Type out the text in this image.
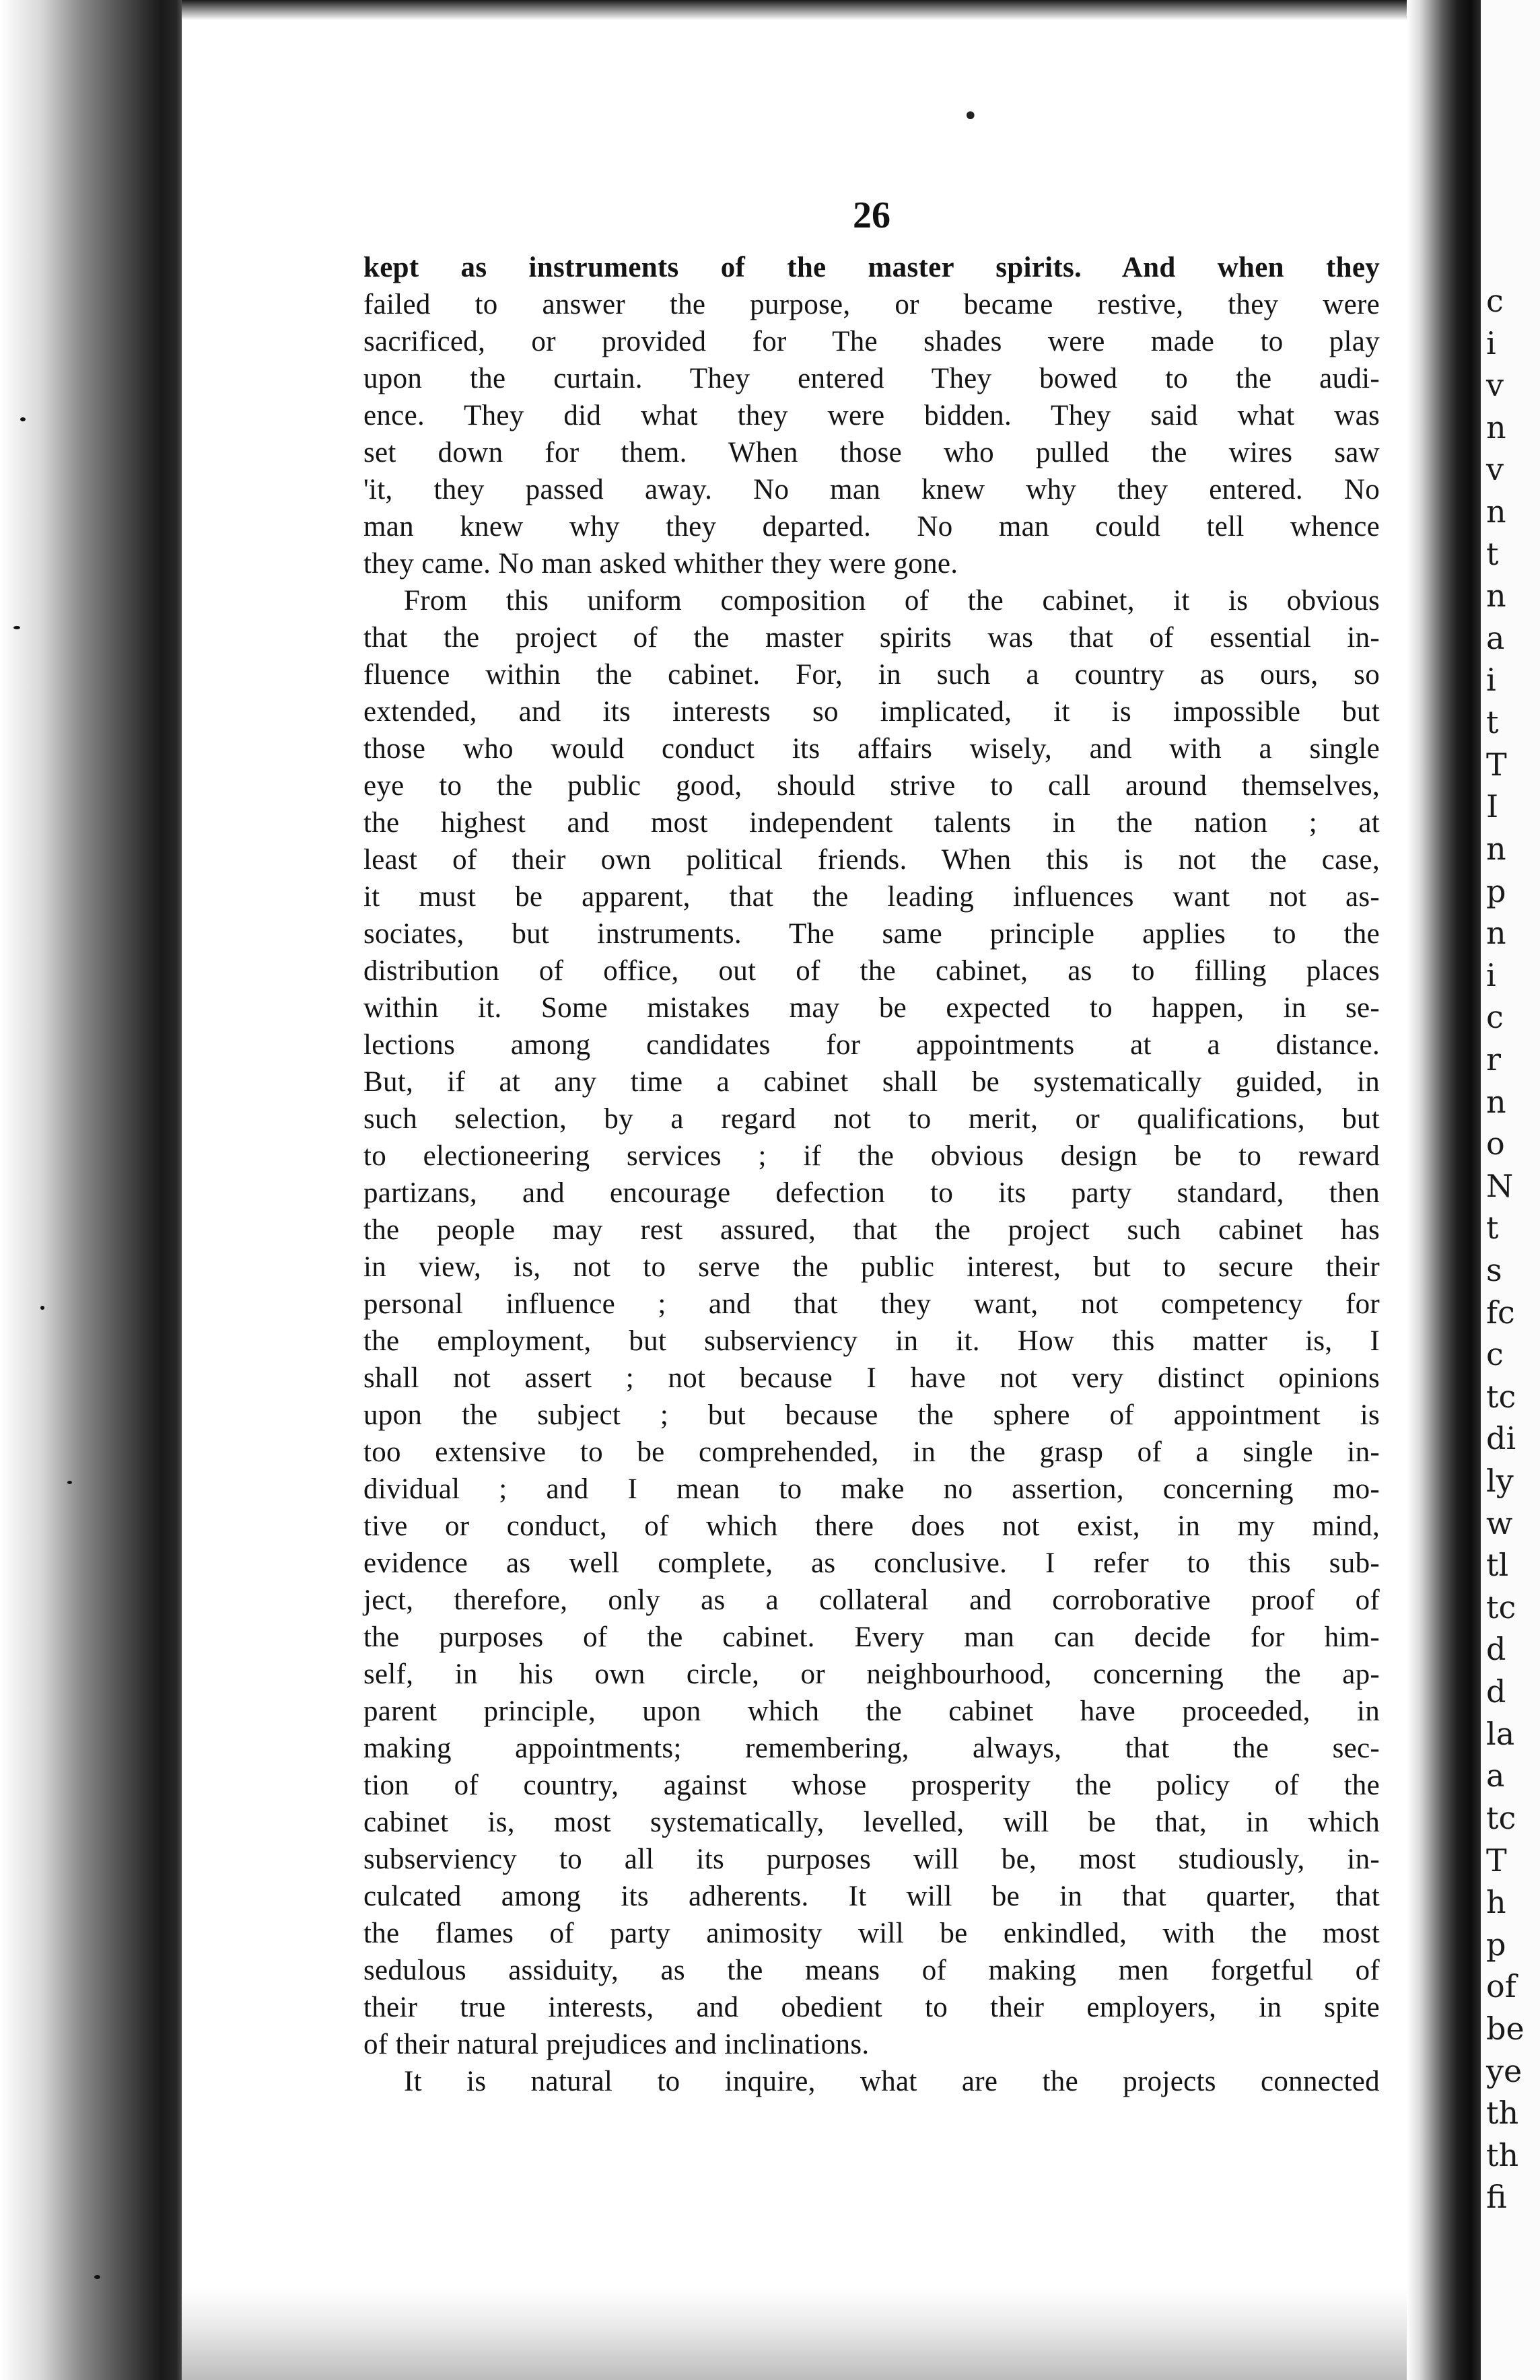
c
i
v
n
v
n
t
n
a
i
t
T
I
n
p
n
i
c
r
n
o
N
t
s
fc
c
tc
di
ly
w
tl
tc
d
d
la
a
tc
T
h
p
of
be
ye
th
th
fi
•
26
kept as instruments of the master spirits. And when they
failed to answer the purpose, or became restive, they were
sacrificed, or provided for The shades were made to play
upon the curtain. They entered They bowed to the audi-
ence. They did what they were bidden. They said what was
set down for them. When those who pulled the wires saw
'it, they passed away. No man knew why they entered. No
man knew why they departed. No man could tell whence
they came. No man asked whither they were gone.
From this uniform composition of the cabinet, it is obvious
that the project of the master spirits was that of essential in-
fluence within the cabinet. For, in such a country as ours, so
extended, and its interests so implicated, it is impossible but
those who would conduct its affairs wisely, and with a single
eye to the public good, should strive to call around themselves,
the highest and most independent talents in the nation ; at
least of their own political friends. When this is not the case,
it must be apparent, that the leading influences want not as-
sociates, but instruments. The same principle applies to the
distribution of office, out of the cabinet, as to filling places
within it. Some mistakes may be expected to happen, in se-
lections among candidates for appointments at a distance.
But, if at any time a cabinet shall be systematically guided, in
such selection, by a regard not to merit, or qualifications, but
to electioneering services ; if the obvious design be to reward
partizans, and encourage defection to its party standard, then
the people may rest assured, that the project such cabinet has
in view, is, not to serve the public interest, but to secure their
personal influence ; and that they want, not competency for
the employment, but subserviency in it. How this matter is, I
shall not assert ; not because I have not very distinct opinions
upon the subject ; but because the sphere of appointment is
too extensive to be comprehended, in the grasp of a single in-
dividual ; and I mean to make no assertion, concerning mo-
tive or conduct, of which there does not exist, in my mind,
evidence as well complete, as conclusive. I refer to this sub-
ject, therefore, only as a collateral and corroborative proof of
the purposes of the cabinet. Every man can decide for him-
self, in his own circle, or neighbourhood, concerning the ap-
parent principle, upon which the cabinet have proceeded, in
making appointments; remembering, always, that the sec-
tion of country, against whose prosperity the policy of the
cabinet is, most systematically, levelled, will be that, in which
subserviency to all its purposes will be, most studiously, in-
culcated among its adherents. It will be in that quarter, that
the flames of party animosity will be enkindled, with the most
sedulous assiduity, as the means of making men forgetful of
their true interests, and obedient to their employers, in spite
of their natural prejudices and inclinations.
It is natural to inquire, what are the projects connected
